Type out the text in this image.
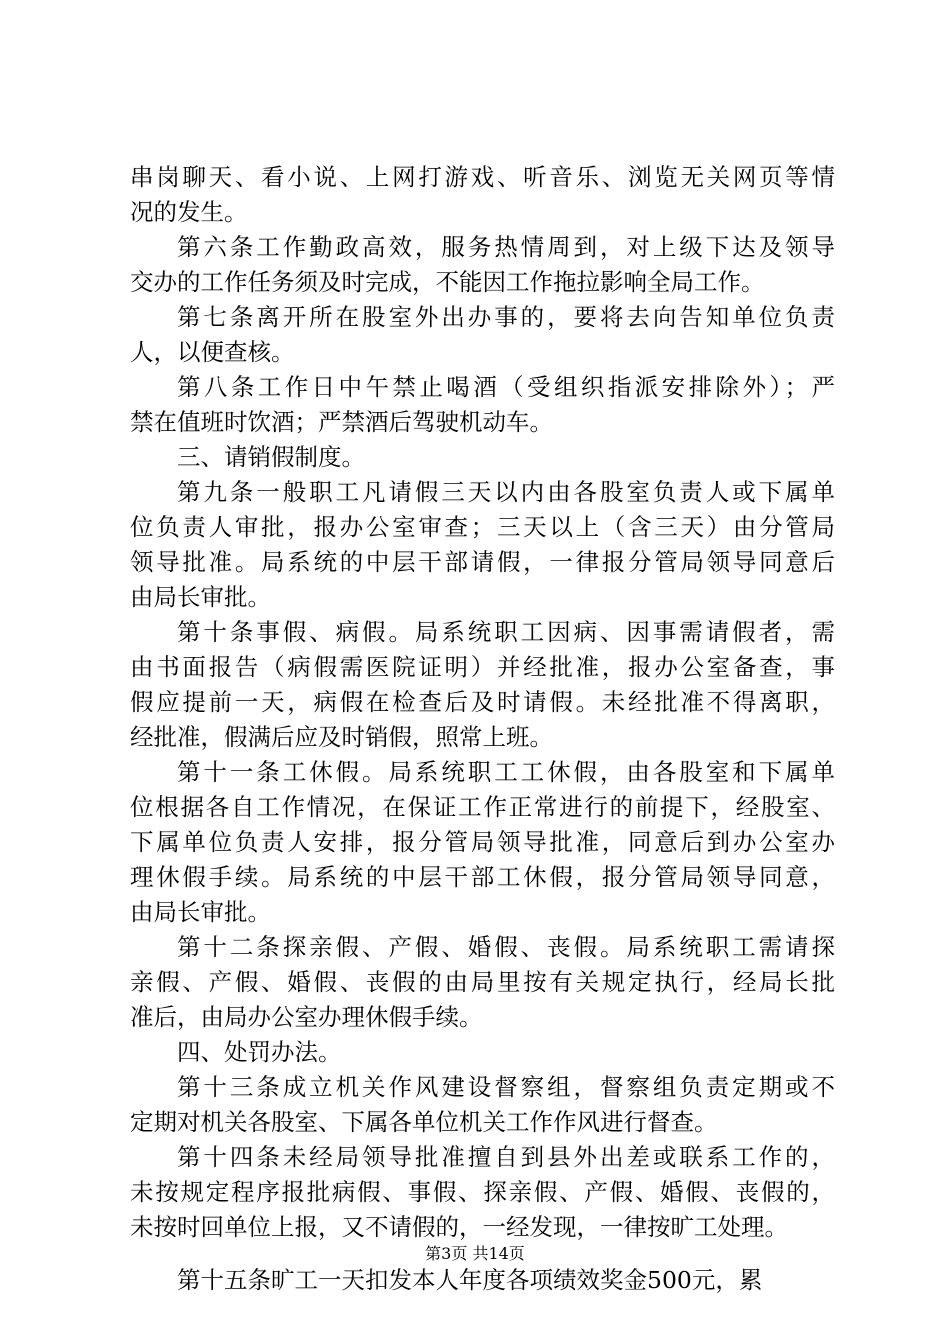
串岗聊天、看小说、上网打游戏、听音乐、浏览无关网页等情
况的发生。
第六条工作勤政高效，服务热情周到，对上级下达及领导
交办的工作任务须及时完成，不能因工作拖拉影响全局工作。
第七条离开所在股室外出办事的，要将去向告知单位负责
人，以便查核。
第八条工作日中午禁止喝酒（受组织指派安排除外）；严
禁在值班时饮酒；严禁酒后驾驶机动车。
三、请销假制度。
第九条一般职工凡请假三天以内由各股室负责人或下属单
位负责人审批，报办公室审查；三天以上（含三天）由分管局
领导批准。局系统的中层干部请假，一律报分管局领导同意后
由局长审批。
第十条事假、病假。局系统职工因病、因事需请假者，需
由书面报告（病假需医院证明）并经批准，报办公室备查，事
假应提前一天，病假在检查后及时请假。未经批准不得离职，
经批准，假满后应及时销假，照常上班。
第十一条工休假。局系统职工工休假，由各股室和下属单
位根据各自工作情况，在保证工作正常进行的前提下，经股室、
下属单位负责人安排，报分管局领导批准，同意后到办公室办
理休假手续。局系统的中层干部工休假，报分管局领导同意，
由局长审批。
第十二条探亲假、产假、婚假、丧假。局系统职工需请探
亲假、产假、婚假、丧假的由局里按有关规定执行，经局长批
准后，由局办公室办理休假手续。
四、处罚办法。
第十三条成立机关作风建设督察组，督察组负责定期或不
定期对机关各股室、下属各单位机关工作作风进行督查。
第十四条未经局领导批准擅自到县外出差或联系工作的，
未按规定程序报批病假、事假、探亲假、产假、婚假、丧假的，
未按时回单位上报，又不请假的，一经发现，一律按旷工处理。
第十五条旷工一天扣发本人年度各项绩效奖金500元，累
第3页 共14页
